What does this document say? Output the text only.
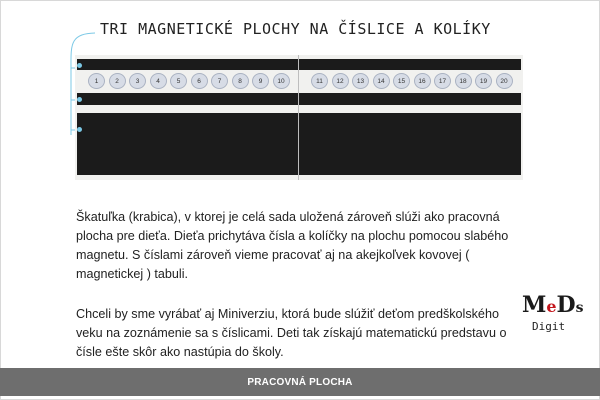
TRI MAGNETICKÉ PLOCHY NA ČÍSLICE A KOLÍKY
1	2	3	4	5	6	7	8	9	10	11	12	13	14	15	16	17	18	19	20
Škatuľka (krabica), v ktorej je celá sada uložená zároveň slúži ako pracovná plocha pre dieťa. Dieťa prichytáva čísla a kolíčky na plochu pomocou slabého magnetu. S číslami zároveň vieme pracovať aj na akejkoľvek kovovej ( magnetickej ) tabuli.
Chceli by sme vyrábať aj Miniverziu, ktorá bude slúžiť deťom predškolského veku na zoznámenie sa s číslicami. Deti tak získajú matematickú predstavu o čísle ešte skôr ako nastúpia do školy.
MeDs
Digit
PRACOVNÁ PLOCHA
